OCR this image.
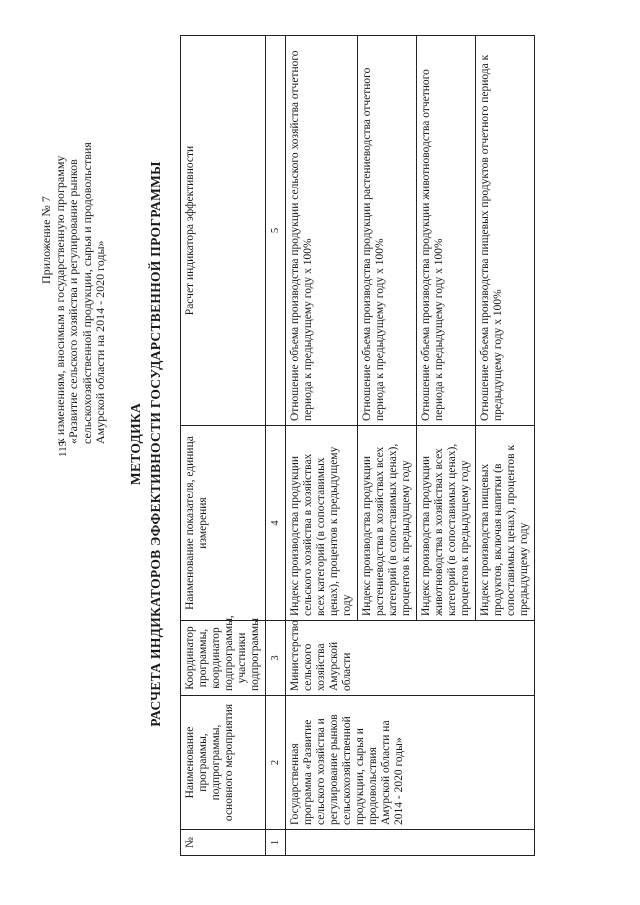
115
Приложение № 7 к изменениям, вносимым в государственную программу «Развитие сельского хозяйства и регулирование рынков сельскохозяйственной продукции, сырья и продовольствия Амурской области на 2014 - 2020 годы»
МЕТОДИКА РАСЧЕТА ИНДИКАТОРОВ ЭФФЕКТИВНОСТИ ГОСУДАРСТВЕННОЙ ПРОГРАММЫ
№	Наименование программы, подпрограммы, основного мероприятия	Координатор программы, координатор подпрограммы, участники подпрограммы	Наименование показателя, единица измерения	Расчет индикатора эффективности
1	2	3	4	5
	Государственная программа «Развитие сельского хозяйства и регулирование рынков сельскохозяйственной продукции, сырья и продовольствия Амурской области на 2014 - 2020 годы»	Министерство сельского хозяйства Амурской области	Индекс производства продукции сельского хозяйства в хозяйствах всех категорий (в сопоставимых ценах), процентов к предыдущему году	Отношение объема производства продукции сельского хозяйства отчетного периода к предыдущему году х 100%
			Индекс производства продукции растениеводства в хозяйствах всех категорий (в сопоставимых ценах), процентов к предыдущему году	Отношение объема производства продукции растениеводства отчетного периода к предыдущему году х 100%
			Индекс производства продукции животноводства в хозяйствах всех категорий (в сопоставимых ценах), процентов к предыдущему году	Отношение объема производства продукции животноводства отчетного периода к предыдущему году х 100%
			Индекс производства пищевых продуктов, включая напитки (в сопоставимых ценах), процентов к предыдущему году	Отношение объема производства пищевых продуктов отчетного периода к предыдущему году х 100%
